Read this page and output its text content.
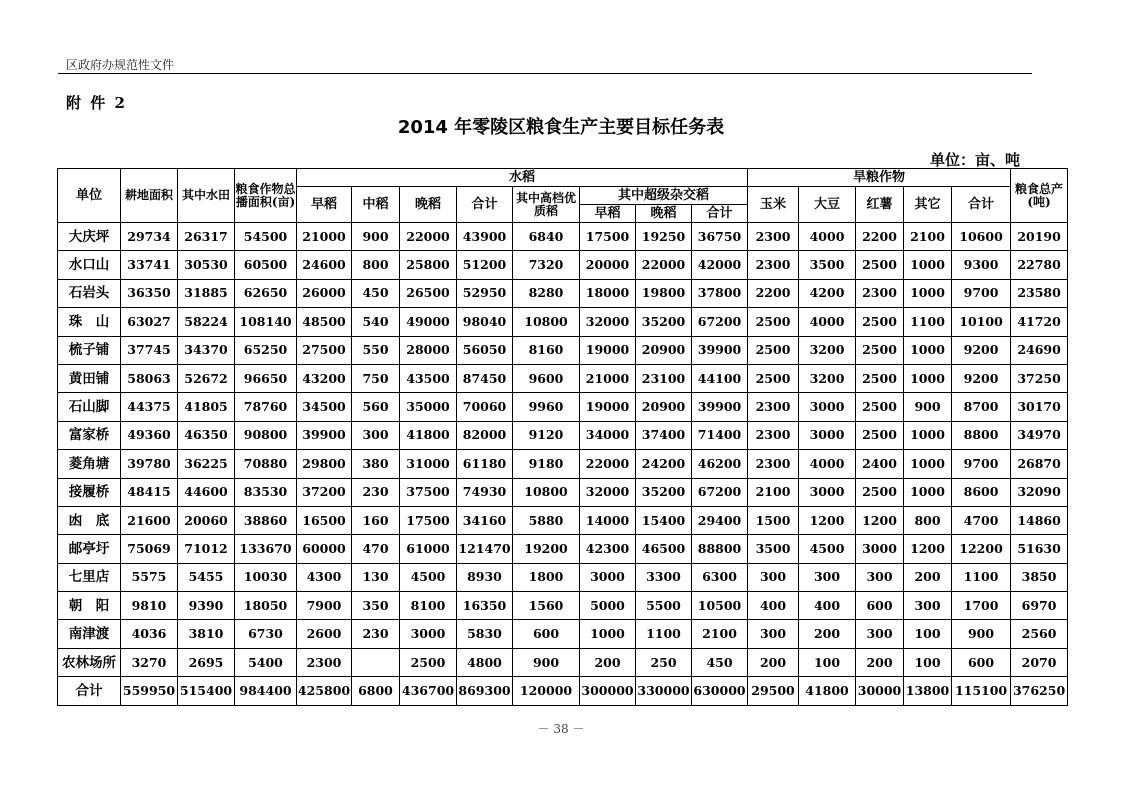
区政府办规范性文件
附 件 2
2014 年零陵区粮食生产主要目标任务表
单位：亩、吨
单位	耕地面积	其中水田	粮食作物总播面积(亩)	水稻								旱粮作物					粮食总产(吨)
				早稻	中稻	晚稻	合计	其中高档优质稻	其中超级杂交稻			玉米	大豆	红薯	其它	合计	
									早稻	晚稻	合计						
大庆坪	29734	26317	54500	21000	900	22000	43900	6840	17500	19250	36750	2300	4000	2200	2100	10600	20190
水口山	33741	30530	60500	24600	800	25800	51200	7320	20000	22000	42000	2300	3500	2500	1000	9300	22780
石岩头	36350	31885	62650	26000	450	26500	52950	8280	18000	19800	37800	2200	4200	2300	1000	9700	23580
珠　山	63027	58224	108140	48500	540	49000	98040	10800	32000	35200	67200	2500	4000	2500	1100	10100	41720
梳子铺	37745	34370	65250	27500	550	28000	56050	8160	19000	20900	39900	2500	3200	2500	1000	9200	24690
黄田铺	58063	52672	96650	43200	750	43500	87450	9600	21000	23100	44100	2500	3200	2500	1000	9200	37250
石山脚	44375	41805	78760	34500	560	35000	70060	9960	19000	20900	39900	2300	3000	2500	900	8700	30170
富家桥	49360	46350	90800	39900	300	41800	82000	9120	34000	37400	71400	2300	3000	2500	1000	8800	34970
菱角塘	39780	36225	70880	29800	380	31000	61180	9180	22000	24200	46200	2300	4000	2400	1000	9700	26870
接履桥	48415	44600	83530	37200	230	37500	74930	10800	32000	35200	67200	2100	3000	2500	1000	8600	32090
凼　底	21600	20060	38860	16500	160	17500	34160	5880	14000	15400	29400	1500	1200	1200	800	4700	14860
邮亭圩	75069	71012	133670	60000	470	61000	121470	19200	42300	46500	88800	3500	4500	3000	1200	12200	51630
七里店	5575	5455	10030	4300	130	4500	8930	1800	3000	3300	6300	300	300	300	200	1100	3850
朝　阳	9810	9390	18050	7900	350	8100	16350	1560	5000	5500	10500	400	400	600	300	1700	6970
南津渡	4036	3810	6730	2600	230	3000	5830	600	1000	1100	2100	300	200	300	100	900	2560
农林场所	3270	2695	5400	2300		2500	4800	900	200	250	450	200	100	200	100	600	2070
合计	559950	515400	984400	425800	6800	436700	869300	120000	300000	330000	630000	29500	41800	30000	13800	115100	376250
－ 38 －
